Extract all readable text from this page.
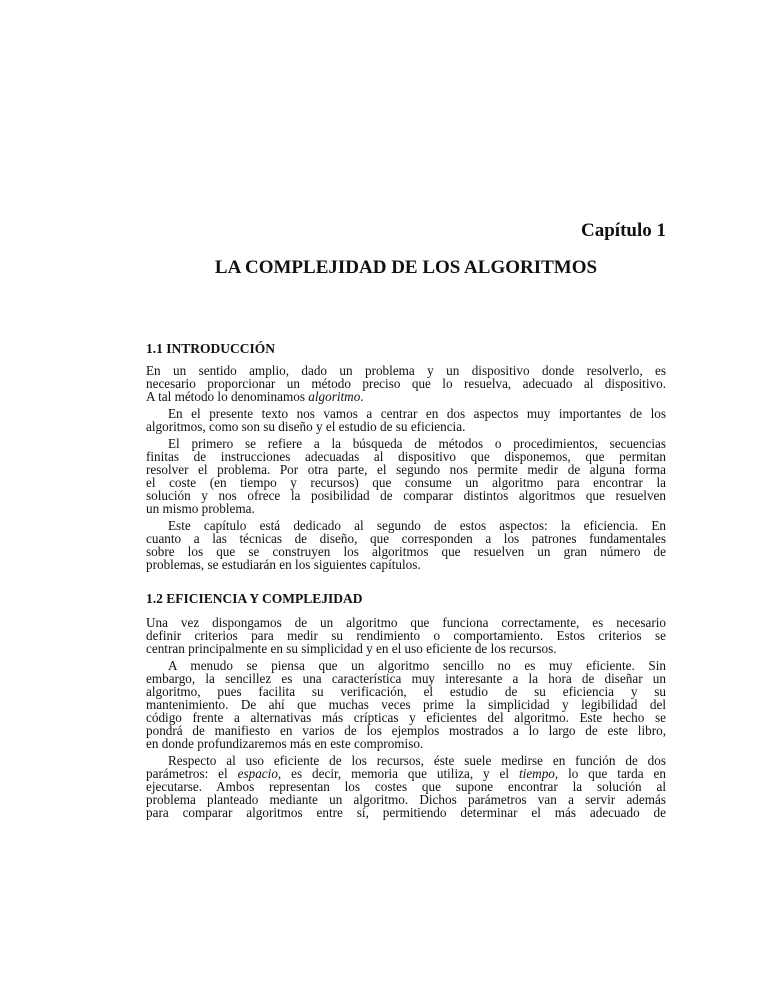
Capítulo 1
LA COMPLEJIDAD DE LOS ALGORITMOS
1.1 INTRODUCCIÓN
En un sentido amplio, dado un problema y un dispositivo donde resolverlo, es
necesario proporcionar un método preciso que lo resuelva, adecuado al dispositivo.
A tal método lo denominamos algoritmo.
En el presente texto nos vamos a centrar en dos aspectos muy importantes de los
algoritmos, como son su diseño y el estudio de su eficiencia.
El primero se refiere a la búsqueda de métodos o procedimientos, secuencias
finitas de instrucciones adecuadas al dispositivo que disponemos, que permitan
resolver el problema. Por otra parte, el segundo nos permite medir de alguna forma
el coste (en tiempo y recursos) que consume un algoritmo para encontrar la
solución y nos ofrece la posibilidad de comparar distintos algoritmos que resuelven
un mismo problema.
Este capítulo está dedicado al segundo de estos aspectos: la eficiencia. En
cuanto a las técnicas de diseño, que corresponden a los patrones fundamentales
sobre los que se construyen los algoritmos que resuelven un gran número de
problemas, se estudiarán en los siguientes capítulos.
1.2 EFICIENCIA Y COMPLEJIDAD
Una vez dispongamos de un algoritmo que funciona correctamente, es necesario
definir criterios para medir su rendimiento o comportamiento. Estos criterios se
centran principalmente en su simplicidad y en el uso eficiente de los recursos.
A menudo se piensa que un algoritmo sencillo no es muy eficiente. Sin
embargo, la sencillez es una característica muy interesante a la hora de diseñar un
algoritmo, pues facilita su verificación, el estudio de su eficiencia y su
mantenimiento. De ahí que muchas veces prime la simplicidad y legibilidad del
código frente a alternativas más crípticas y eficientes del algoritmo. Este hecho se
pondrá de manifiesto en varios de los ejemplos mostrados a lo largo de este libro,
en donde profundizaremos más en este compromiso.
Respecto al uso eficiente de los recursos, éste suele medirse en función de dos
parámetros: el espacio, es decir, memoria que utiliza, y el tiempo, lo que tarda en
ejecutarse. Ambos representan los costes que supone encontrar la solución al
problema planteado mediante un algoritmo. Dichos parámetros van a servir además
para comparar algoritmos entre sí, permitiendo determinar el más adecuado de
